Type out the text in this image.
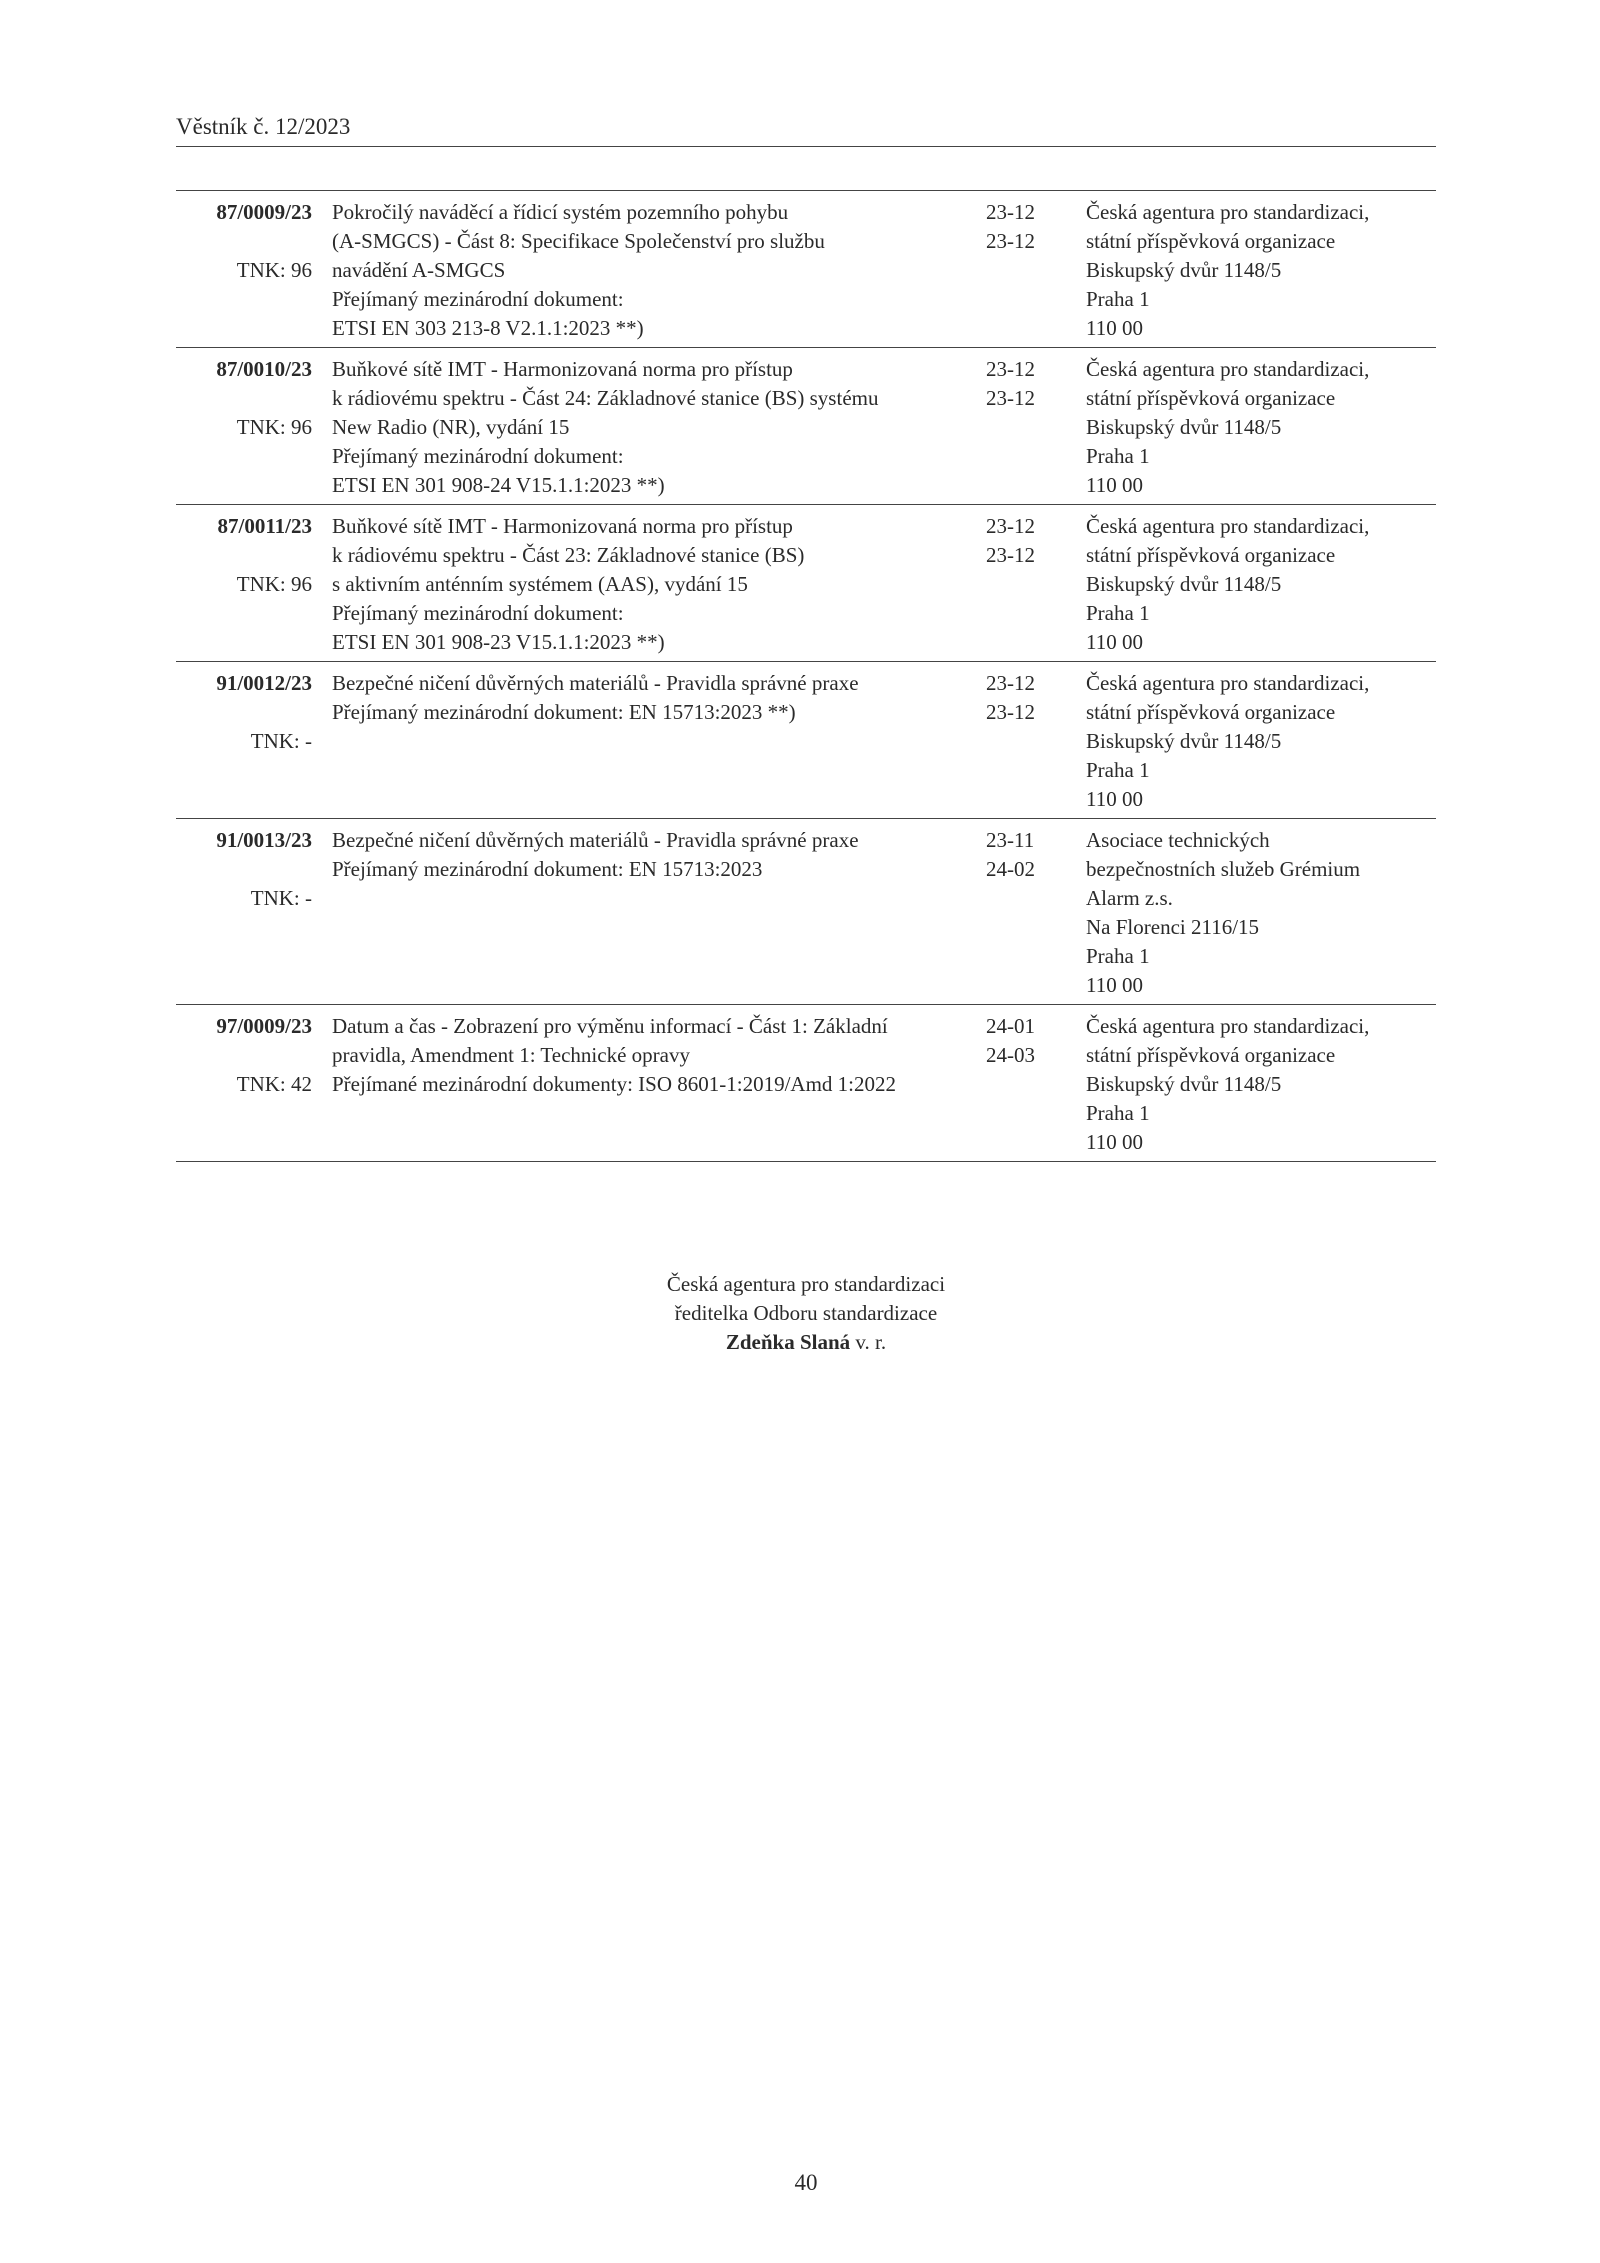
Věstník č. 12/2023
87/0009/23
TNK: 96
Pokročilý naváděcí a řídicí systém pozemního pohybu
(A-SMGCS) - Část 8: Specifikace Společenství pro službu
navádění A-SMGCS
Přejímaný mezinárodní dokument:
ETSI EN 303 213-8 V2.1.1:2023 **)
23-12
23-12
Česká agentura pro standardizaci,
státní příspěvková organizace
Biskupský dvůr 1148/5
Praha 1
110 00
87/0010/23
TNK: 96
Buňkové sítě IMT - Harmonizovaná norma pro přístup
k rádiovému spektru - Část 24: Základnové stanice (BS) systému
New Radio (NR), vydání 15
Přejímaný mezinárodní dokument:
ETSI EN 301 908-24 V15.1.1:2023 **)
23-12
23-12
Česká agentura pro standardizaci,
státní příspěvková organizace
Biskupský dvůr 1148/5
Praha 1
110 00
87/0011/23
TNK: 96
Buňkové sítě IMT - Harmonizovaná norma pro přístup
k rádiovému spektru - Část 23: Základnové stanice (BS)
s aktivním anténním systémem (AAS), vydání 15
Přejímaný mezinárodní dokument:
ETSI EN 301 908-23 V15.1.1:2023 **)
23-12
23-12
Česká agentura pro standardizaci,
státní příspěvková organizace
Biskupský dvůr 1148/5
Praha 1
110 00
91/0012/23
TNK: -
Bezpečné ničení důvěrných materiálů - Pravidla správné praxe
Přejímaný mezinárodní dokument: EN 15713:2023 **)
23-12
23-12
Česká agentura pro standardizaci,
státní příspěvková organizace
Biskupský dvůr 1148/5
Praha 1
110 00
91/0013/23
TNK: -
Bezpečné ničení důvěrných materiálů - Pravidla správné praxe
Přejímaný mezinárodní dokument: EN 15713:2023
23-11
24-02
Asociace technických
bezpečnostních služeb Grémium
Alarm z.s.
Na Florenci 2116/15
Praha 1
110 00
97/0009/23
TNK: 42
Datum a čas - Zobrazení pro výměnu informací - Část 1: Základní
pravidla, Amendment 1: Technické opravy
Přejímané mezinárodní dokumenty: ISO 8601-1:2019/Amd 1:2022
24-01
24-03
Česká agentura pro standardizaci,
státní příspěvková organizace
Biskupský dvůr 1148/5
Praha 1
110 00
Česká agentura pro standardizaci
ředitelka Odboru standardizace
Zdeňka Slaná v. r.
40
